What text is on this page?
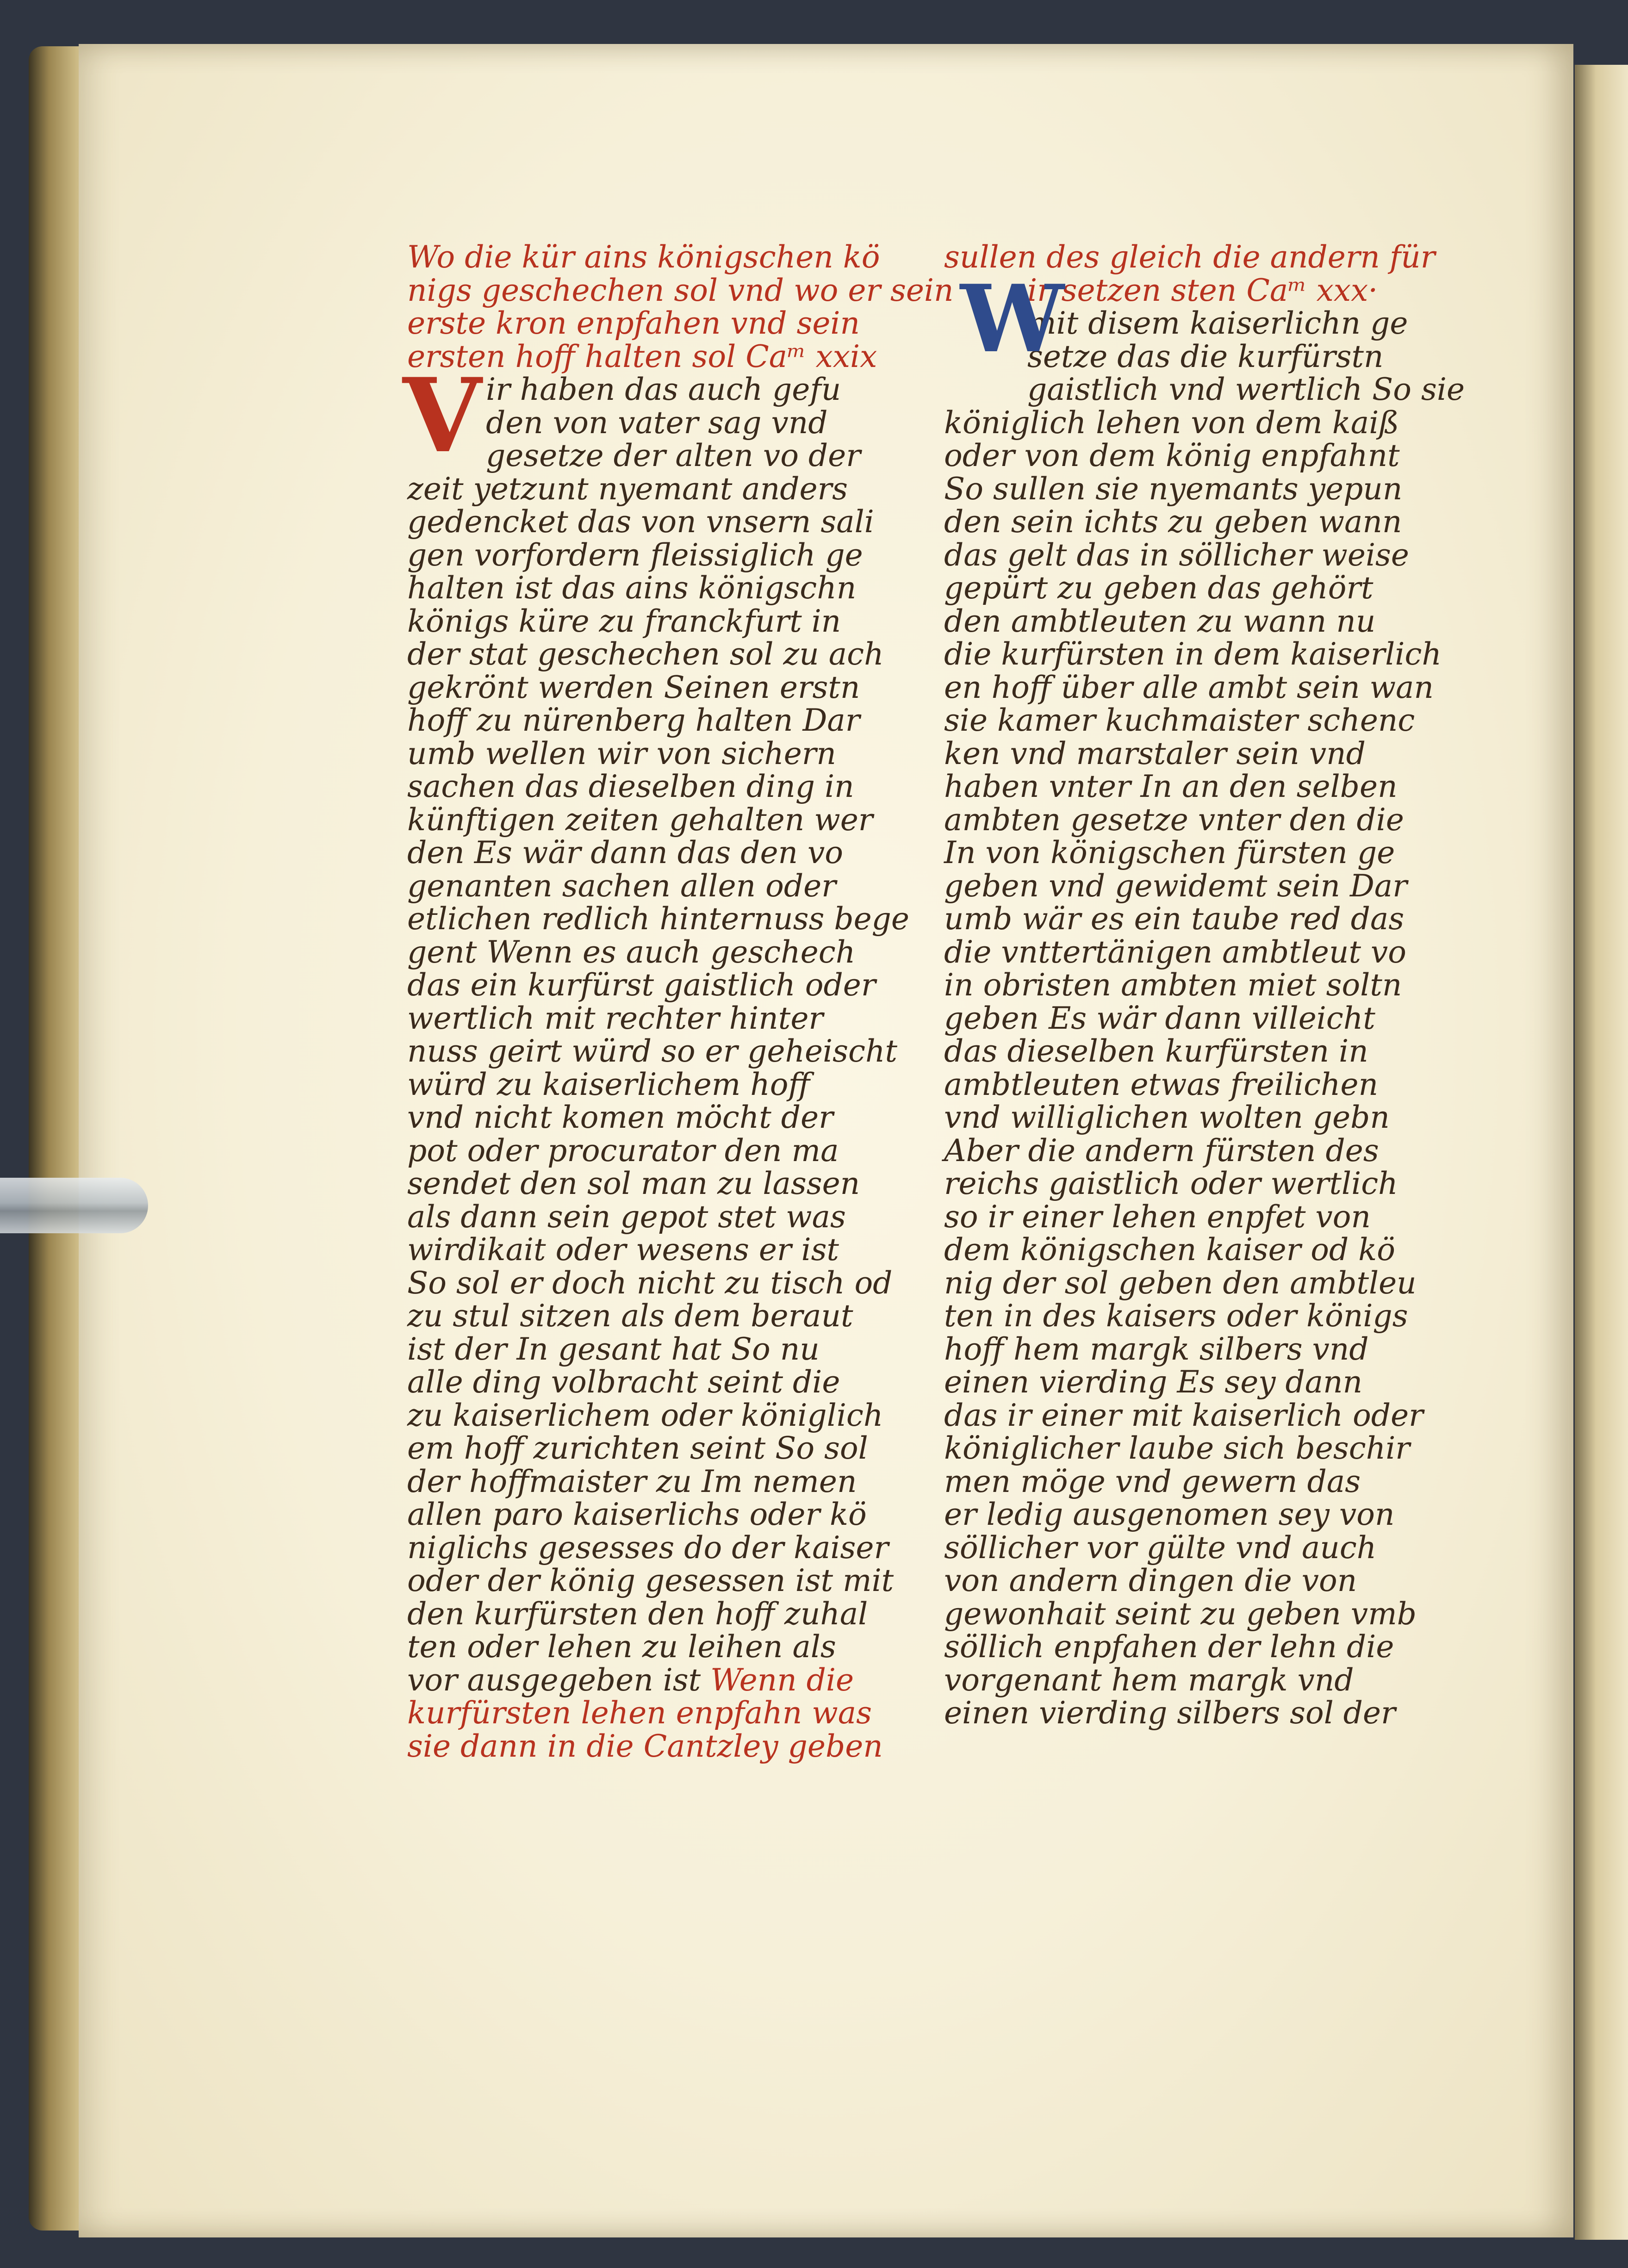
Wo die kür ains königschen kö
nigs geschechen sol vnd wo er sein
erste kron enpfahen vnd sein
ersten hoff halten sol Caᵐ xxix
ir haben das auch gefu
den von vater sag vnd
gesetze der alten vo der
zeit yetzunt nyemant anders
gedencket das von vnsern sali
gen vorfordern fleissiglich ge
halten ist das ains königschn
königs küre zu franckfurt in
der stat geschechen sol zu ach
gekrönt werden Seinen erstn
hoff zu nürenberg halten Dar
umb wellen wir von sichern
sachen das dieselben ding in
künftigen zeiten gehalten wer
den Es wär dann das den vo
genanten sachen allen oder
etlichen redlich hinternuss bege
gent Wenn es auch geschech
das ein kurfürst gaistlich oder
wertlich mit rechter hinter
nuss geirt würd so er geheischt
würd zu kaiserlichem hoff
vnd nicht komen möcht der
pot oder procurator den ma
sendet den sol man zu lassen
als dann sein gepot stet was
wirdikait oder wesens er ist
So sol er doch nicht zu tisch od
zu stul sitzen als dem beraut
ist der In gesant hat So nu
alle ding volbracht seint die
zu kaiserlichem oder königlich
em hoff zurichten seint So sol
der hoffmaister zu Im nemen
allen paro kaiserlichs oder kö
niglichs gesesses do der kaiser
oder der könig gesessen ist mit
den kurfürsten den hoff zuhal
ten oder lehen zu leihen als
vor ausgegeben ist Wenn die
kurfürsten lehen enpfahn was
sie dann in die Cantzley geben
V
sullen des gleich die andern für
ir setzen sten Caᵐ xxx·
mit disem kaiserlichn ge
setze das die kurfürstn
gaistlich vnd wertlich So sie
königlich lehen von dem kaiß
oder von dem könig enpfahnt
So sullen sie nyemants yepun
den sein ichts zu geben wann
das gelt das in söllicher weise
gepürt zu geben das gehört
den ambtleuten zu wann nu
die kurfürsten in dem kaiserlich
en hoff über alle ambt sein wan
sie kamer kuchmaister schenc
ken vnd marstaler sein vnd
haben vnter In an den selben
ambten gesetze vnter den die
In von königschen fürsten ge
geben vnd gewidemt sein Dar
umb wär es ein taube red das
die vnttertänigen ambtleut vo
in obristen ambten miet soltn
geben Es wär dann villeicht
das dieselben kurfürsten in
ambtleuten etwas freilichen
vnd williglichen wolten gebn
Aber die andern fürsten des
reichs gaistlich oder wertlich
so ir einer lehen enpfet von
dem königschen kaiser od kö
nig der sol geben den ambtleu
ten in des kaisers oder königs
hoff hem margk silbers vnd
einen vierding Es sey dann
das ir einer mit kaiserlich oder
königlicher laube sich beschir
men möge vnd gewern das
er ledig ausgenomen sey von
söllicher vor gülte vnd auch
von andern dingen die von
gewonhait seint zu geben vmb
söllich enpfahen der lehn die
vorgenant hem margk vnd
einen vierding silbers sol der
W
